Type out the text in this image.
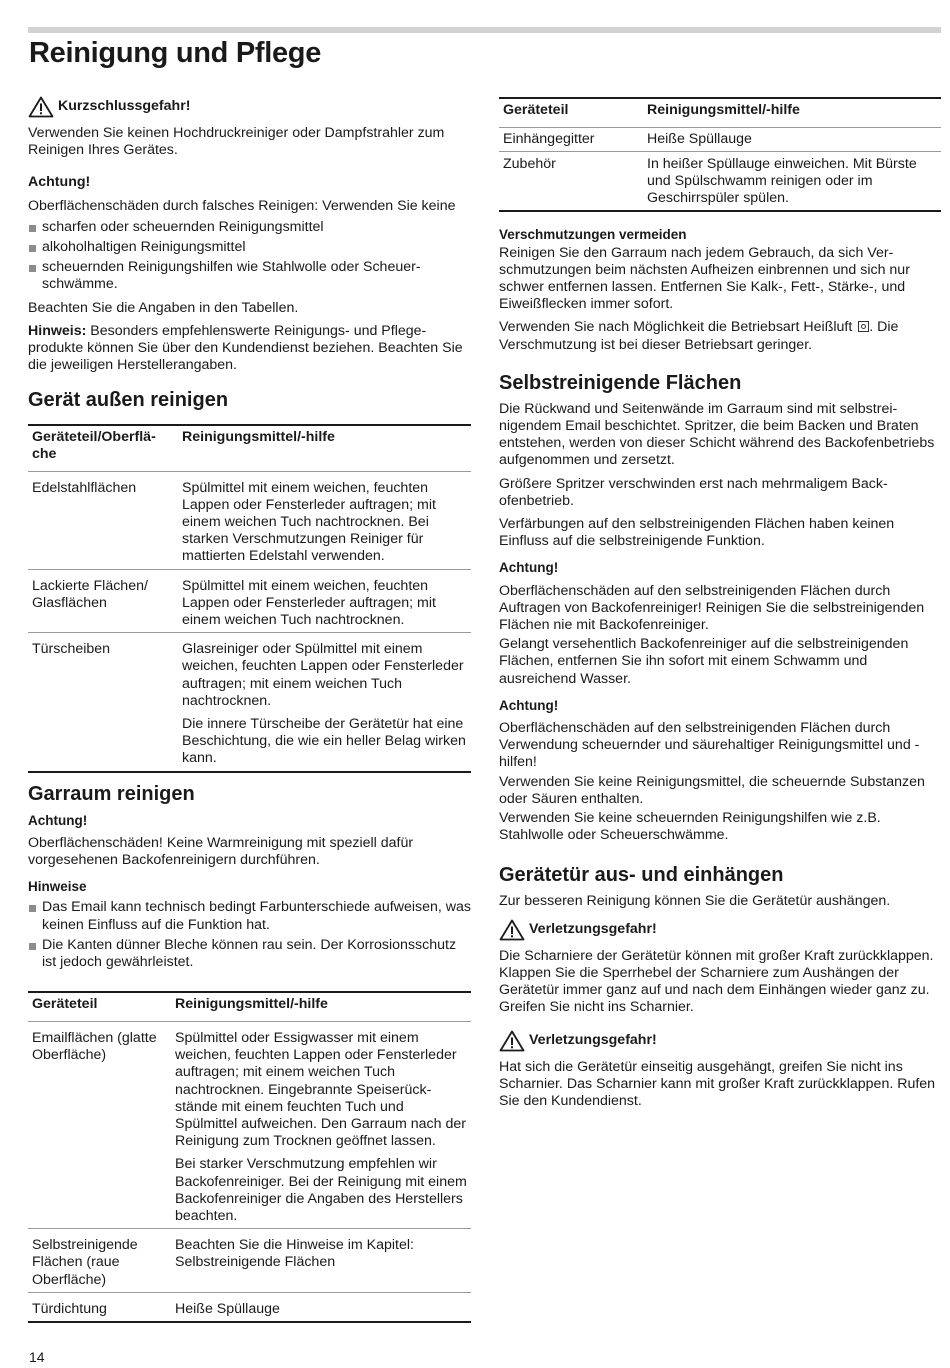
Reinigung und Pflege
Kurzschlussgefahr!

Verwenden Sie keinen Hochdruckreiniger oder Dampfstrahler zum Reinigen Ihres Gerätes.

Achtung!

Oberflächenschäden durch falsches Reinigen: Verwenden Sie keine

scharfen oder scheuernden Reinigungsmittel
alkoholhaltigen Reinigungsmittel
scheuernden Reinigungshilfen wie Stahlwolle oder Scheuerschwämme.

Beachten Sie die Angaben in den Tabellen.

Hinweis: Besonders empfehlenswerte Reinigungs- und Pflegeprodukte können Sie über den Kundendienst beziehen. Beachten Sie die jeweiligen Herstellerangaben.

Gerät außen reinigen
Geräteteil/Oberfläche	Reinigungsmittel/-hilfe
Edelstahlflächen	Spülmittel mit einem weichen, feuchten Lappen oder Fensterleder auftragen; mit einem weichen Tuch nachtrocknen. Bei starken Verschmutzungen Reiniger für mattierten Edelstahl verwenden.

Lackierte Flächen/ Glasflächen	Spülmittel mit einem weichen, feuchten Lappen oder Fensterleder auftragen; mit einem weichen Tuch nachtrocknen.

Türscheiben	Glasreiniger oder Spülmittel mit einem weichen, feuchten Lappen oder Fensterleder auftragen; mit einem weichen Tuch nachtrocknen.

Die innere Türscheibe der Gerätetür hat eine Beschichtung, die wie ein heller Belag wirken kann.

Garraum reinigen
Achtung!

Oberflächenschäden! Keine Warmreinigung mit speziell dafür vorgesehenen Backofenreinigern durchführen.

Hinweise
Das Email kann technisch bedingt Farbunterschiede aufweisen, was keinen Einfluss auf die Funktion hat.
Die Kanten dünner Bleche können rau sein. Der Korrosionsschutz ist jedoch gewährleistet.
Geräteteil	Reinigungsmittel/-hilfe
Emailflächen (glatte Oberfläche)	Spülmittel oder Essigwasser mit einem weichen, feuchten Lappen oder Fensterleder auftragen; mit einem weichen Tuch nachtrocknen. Eingebrannte Speiserückstände mit einem feuchten Tuch und Spülmittel aufweichen. Den Garraum nach der Reinigung zum Trocknen geöffnet lassen.

Bei starker Verschmutzung empfehlen wir Backofenreiniger. Bei der Reinigung mit einem Backofenreiniger die Angaben des Herstellers beachten.

Selbstreinigende Flächen (raue Oberfläche)	Beachten Sie die Hinweise im Kapitel: Selbstreinigende Flächen

Türdichtung	Heiße Spüllauge

Geräteteil	Reinigungsmittel/-hilfe
Einhängegitter	Heiße Spüllauge

Zubehör	In heißer Spüllauge einweichen. Mit Bürste und Spülschwamm reinigen oder im Geschirrspüler spülen.

Verschmutzungen vermeiden

Reinigen Sie den Garraum nach jedem Gebrauch, da sich Verschmutzungen beim nächsten Aufheizen einbrennen und sich nur schwer entfernen lassen. Entfernen Sie Kalk-, Fett-, Stärke-, und Eiweißflecken immer sofort.

Verwenden Sie nach Möglichkeit die Betriebsart Heißluft . Die Verschmutzung ist bei dieser Betriebsart geringer.

Selbstreinigende Flächen

Die Rückwand und Seitenwände im Garraum sind mit selbstreinigendem Email beschichtet. Spritzer, die beim Backen und Braten entstehen, werden von dieser Schicht während des Backofenbetriebs aufgenommen und zersetzt.

Größere Spritzer verschwinden erst nach mehrmaligem Backofenbetrieb.

Verfärbungen auf den selbstreinigenden Flächen haben keinen Einfluss auf die selbstreinigende Funktion.

Achtung!

Oberflächenschäden auf den selbstreinigenden Flächen durch Auftragen von Backofenreiniger! Reinigen Sie die selbstreinigenden Flächen nie mit Backofenreiniger.

Gelangt versehentlich Backofenreiniger auf die selbstreinigenden Flächen, entfernen Sie ihn sofort mit einem Schwamm und ausreichend Wasser.

Achtung!

Oberflächenschäden auf den selbstreinigenden Flächen durch Verwendung scheuernder und säurehaltiger Reinigungsmittel und -hilfen!

Verwenden Sie keine Reinigungsmittel, die scheuernde Substanzen oder Säuren enthalten.

Verwenden Sie keine scheuernden Reinigungshilfen wie z.B. Stahlwolle oder Scheuerschwämme.

Gerätetür aus- und einhängen

Zur besseren Reinigung können Sie die Gerätetür aushängen.

Verletzungsgefahr!

Die Scharniere der Gerätetür können mit großer Kraft zurückklappen. Klappen Sie die Sperrhebel der Scharniere zum Aushängen der Gerätetür immer ganz auf und nach dem Einhängen wieder ganz zu. Greifen Sie nicht ins Scharnier.

Verletzungsgefahr!

Hat sich die Gerätetür einseitig ausgehängt, greifen Sie nicht ins Scharnier. Das Scharnier kann mit großer Kraft zurückklappen. Rufen Sie den Kundendienst.

14
